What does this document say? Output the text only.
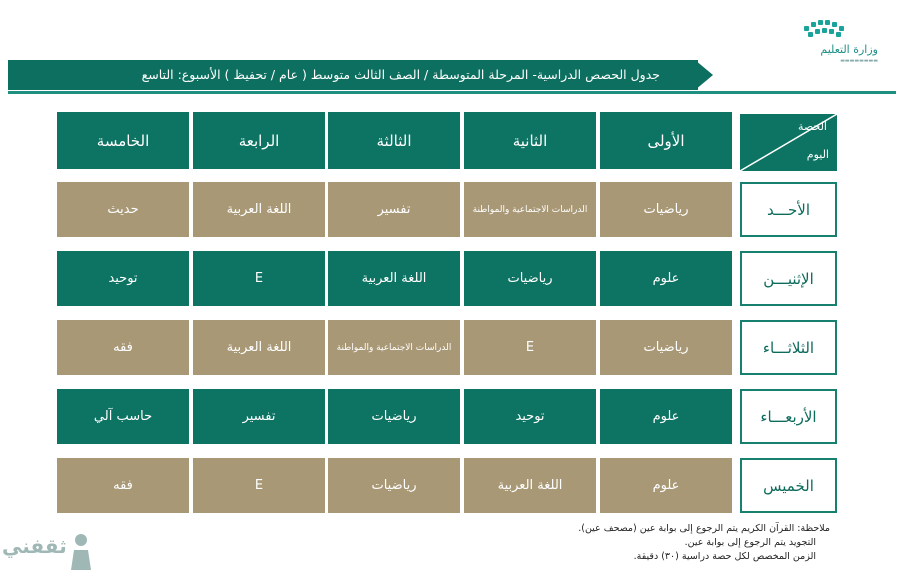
وزارة التعليم
▬▬▬▬▬▬▬▬
جدول الحصص الدراسية- المرحلة المتوسطة / الصف الثالث متوسط ( عام / تحفيظ ) الأسبوع: التاسع
الحصة
اليوم
الأولى
الثانية
الثالثة
الرابعة
الخامسة
الأحـــد
رياضيات
الدراسات الاجتماعية والمواطنة
تفسير
اللغة العربية
حديث
الإثنيـــن
علوم
رياضيات
اللغة العربية
E
توحيد
الثلاثـــاء
رياضيات
E
الدراسات الاجتماعية والمواطنة
اللغة العربية
فقه
الأربعـــاء
علوم
توحيد
رياضيات
تفسير
حاسب آلي
الخميس
علوم
اللغة العربية
رياضيات
E
فقه
ملاحظة: القرآن الكريم يتم الرجوع إلى بوابة عين (مصحف عين).
التجويد يتم الرجوع إلى بوابة عين.
الزمن المخصص لكل حصة دراسية (٣٠) دقيقة.
ثقفني
